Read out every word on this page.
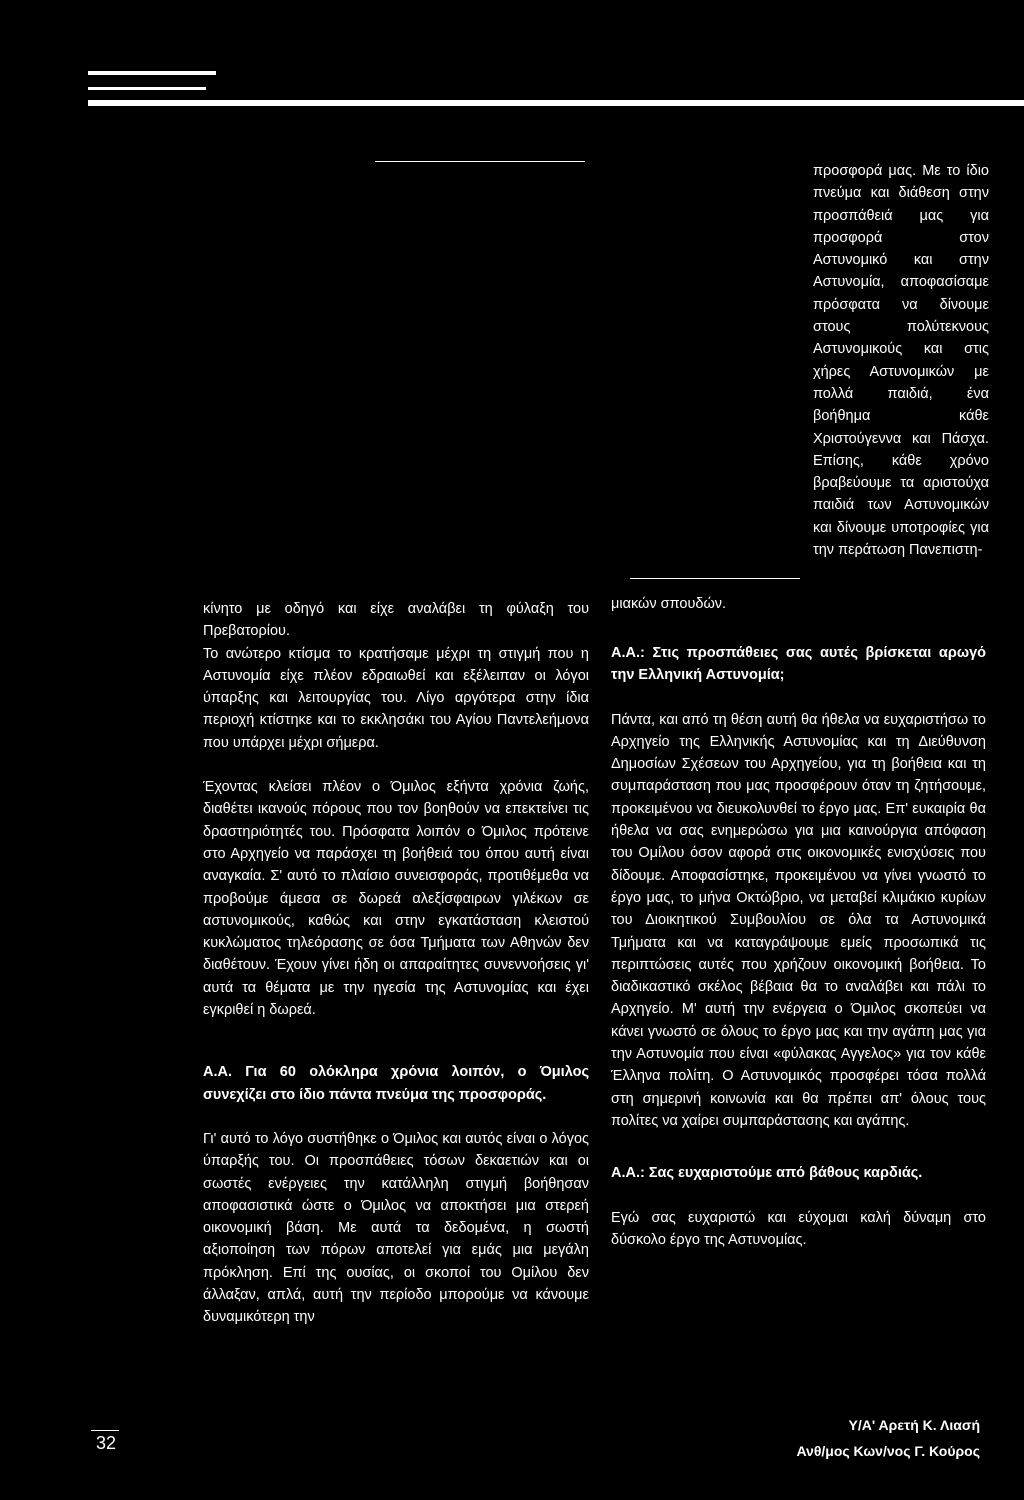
προσφορά μας. Με το ίδιο πνεύμα και διάθεση στην προσπάθειά μας για προσφορά στον Αστυνομικό και στην Αστυνομία, αποφασίσαμε πρόσφατα να δίνουμε στους πολύτεκνους Αστυνομικούς και στις χήρες Αστυνομικών με πολλά παιδιά, ένα βοήθημα κάθε Χριστούγεννα και Πάσχα. Επίσης, κάθε χρόνο βραβεύουμε τα αριστούχα παιδιά των Αστυνομικών και δίνουμε υποτροφίες για την περάτωση Πανεπιστη-

μιακών σπουδών.

κίνητο με οδηγό και είχε αναλάβει τη φύλαξη του Πρεβατορίου.

Το ανώτερο κτίσμα το κρατήσαμε μέχρι τη στιγμή που η Αστυνομία είχε πλέον εδραιωθεί και εξέλειπαν οι λόγοι ύπαρξης και λειτουργίας του. Λίγο αργότερα στην ίδια περιοχή κτίστηκε και το εκκλησάκι του Αγίου Παντελεήμονα που υπάρχει μέχρι σήμερα.

Έχοντας κλείσει πλέον ο Όμιλος εξήντα χρόνια ζωής, διαθέτει ικανούς πόρους που τον βοηθούν να επεκτείνει τις δραστηριότητές του. Πρόσφατα λοιπόν ο Όμιλος πρότεινε στο Αρχηγείο να παράσχει τη βοήθειά του όπου αυτή είναι αναγκαία. Σ' αυτό το πλαίσιο συνεισφοράς, προτιθέμεθα να προβούμε άμεσα σε δωρεά αλεξίσφαιρων γιλέκων σε αστυνομικούς, καθώς και στην εγκατάσταση κλειστού κυκλώματος τηλεόρασης σε όσα Τμήματα των Αθηνών δεν διαθέτουν. Έχουν γίνει ήδη οι απαραίτητες συνεννοήσεις γι' αυτά τα θέματα με την ηγεσία της Αστυνομίας και έχει εγκριθεί η δωρεά.

Α.Α. Για 60 ολόκληρα χρόνια λοιπόν, ο Όμιλος συνεχίζει στο ίδιο πάντα πνεύμα της προσφοράς.

Γι' αυτό το λόγο συστήθηκε ο Όμιλος και αυτός είναι ο λόγος ύπαρξής του. Οι προσπάθειες τόσων δεκαετιών και οι σωστές ενέργειες την κατάλληλη στιγμή βοήθησαν αποφασιστικά ώστε ο Όμιλος να αποκτήσει μια στερεή οικονομική βάση. Με αυτά τα δεδομένα, η σωστή αξιοποίηση των πόρων αποτελεί για εμάς μια μεγάλη πρόκληση. Επί της ουσίας, οι σκοποί του Ομίλου δεν άλλαξαν, απλά, αυτή την περίοδο μπορούμε να κάνουμε δυναμικότερη την

Α.Α.: Στις προσπάθειες σας αυτές βρίσκεται αρωγό την Ελληνική Αστυνομία;

Πάντα, και από τη θέση αυτή θα ήθελα να ευχαριστήσω το Αρχηγείο της Ελληνικής Αστυνομίας και τη Διεύθυνση Δημοσίων Σχέσεων του Αρχηγείου, για τη βοήθεια και τη συμπαράσταση που μας προσφέρουν όταν τη ζητήσουμε, προκειμένου να διευκολυνθεί το έργο μας. Επ' ευκαιρία θα ήθελα να σας ενημερώσω για μια καινούργια απόφαση του Ομίλου όσον αφορά στις οικονομικές ενισχύσεις που δίδουμε. Αποφασίστηκε, προκειμένου να γίνει γνωστό το έργο μας, το μήνα Οκτώβριο, να μεταβεί κλιμάκιο κυρίων του Διοικητικού Συμβουλίου σε όλα τα Αστυνομικά Τμήματα και να καταγράψουμε εμείς προσωπικά τις περιπτώσεις αυτές που χρήζουν οικονομική βοήθεια. Το διαδικαστικό σκέλος βέβαια θα το αναλάβει και πάλι το Αρχηγείο. Μ' αυτή την ενέργεια ο Όμιλος σκοπεύει να κάνει γνωστό σε όλους το έργο μας και την αγάπη μας για την Αστυνομία που είναι «φύλακας Αγγελος» για τον κάθε Έλληνα πολίτη. Ο Αστυνομικός προσφέρει τόσα πολλά στη σημερινή κοινωνία και θα πρέπει απ' όλους τους πολίτες να χαίρει συμπαράστασης και αγάπης.

Α.Α.: Σας ευχαριστούμε από βάθους καρδιάς.

Εγώ σας ευχαριστώ και εύχομαι καλή δύναμη στο δύσκολο έργο της Αστυνομίας.

Υ/Α' Αρετή Κ. Λιασή
Ανθ/μος Κων/νος Γ. Κούρος
32
